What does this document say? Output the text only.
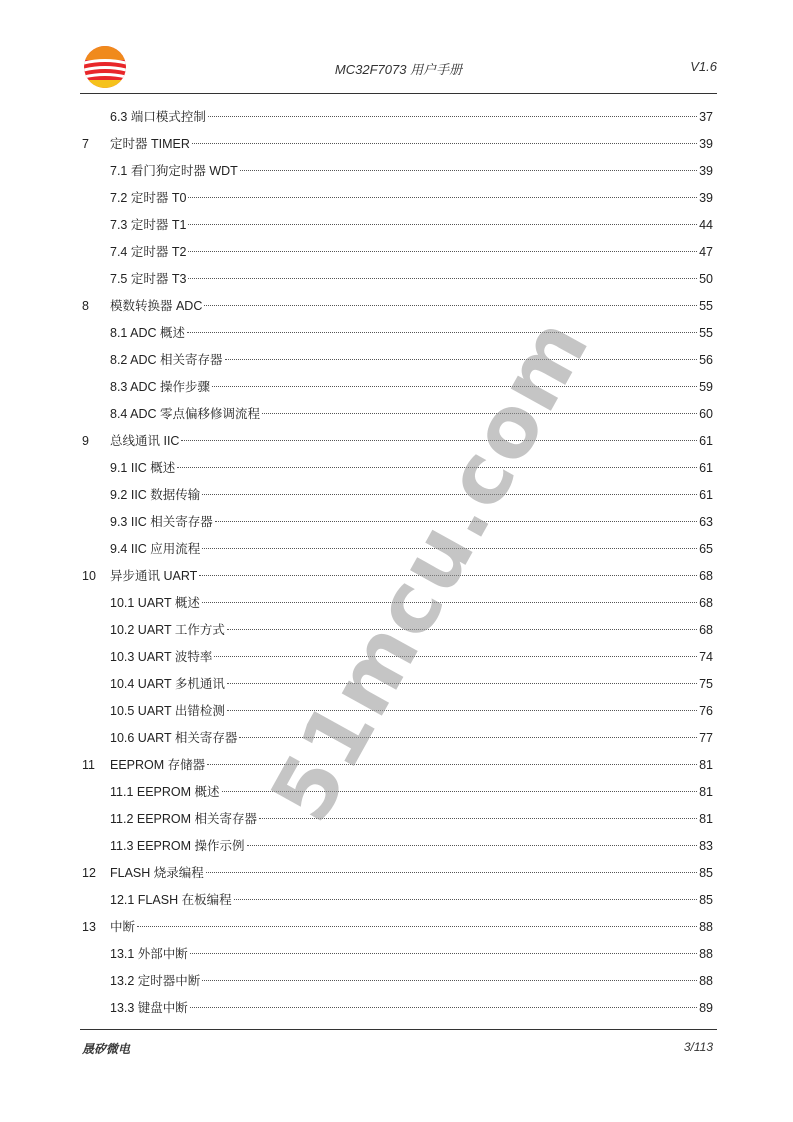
MC32F7073 用户手册	V1.6
6.3 端口模式控制	37
7 定时器 TIMER	39
7.1 看门狗定时器 WDT	39
7.2 定时器 T0	39
7.3 定时器 T1	44
7.4 定时器 T2	47
7.5 定时器 T3	50
8 模数转换器 ADC	55
8.1 ADC 概述	55
8.2 ADC 相关寄存器	56
8.3 ADC 操作步骤	59
8.4 ADC 零点偏移修调流程	60
9 总线通讯 IIC	61
9.1 IIC 概述	61
9.2 IIC 数据传输	61
9.3 IIC 相关寄存器	63
9.4 IIC 应用流程	65
10 异步通讯 UART	68
10.1 UART 概述	68
10.2 UART 工作方式	68
10.3 UART 波特率	74
10.4 UART 多机通讯	75
10.5 UART 出错检测	76
10.6 UART 相关寄存器	77
11 EEPROM 存储器	81
11.1 EEPROM 概述	81
11.2 EEPROM 相关寄存器	81
11.3 EEPROM 操作示例	83
12 FLASH 烧录编程	85
12.1 FLASH 在板编程	85
13 中断	88
13.1 外部中断	88
13.2 定时器中断	88
13.3 键盘中断	89
51mcu.com
晟矽微电	3/113
